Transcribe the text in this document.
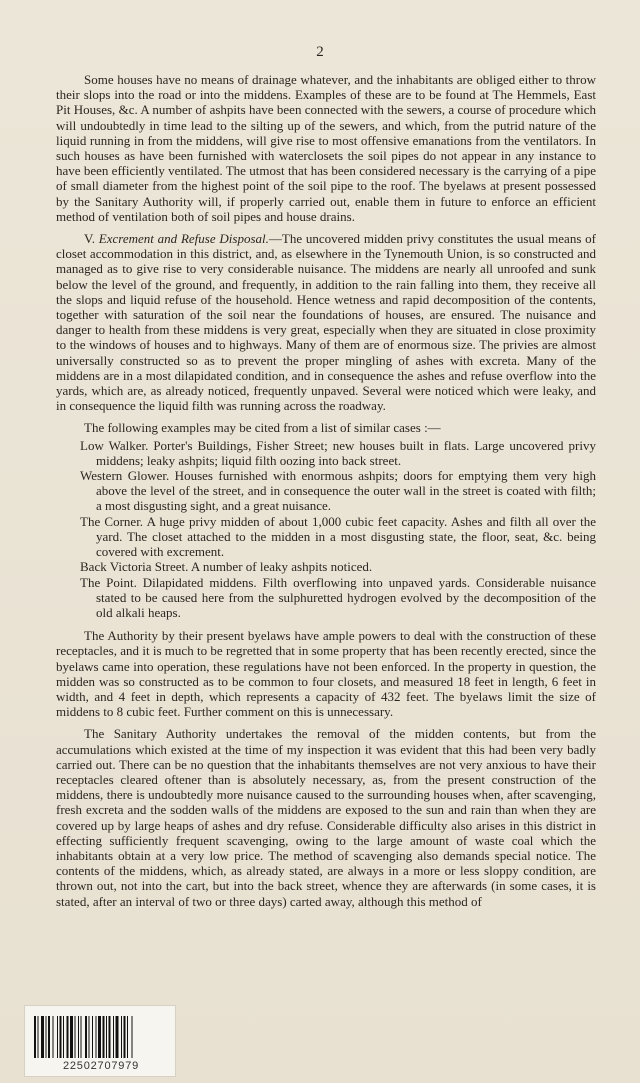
2

Some houses have no means of drainage whatever, and the inhabitants are obliged either to throw their slops into the road or into the middens. Examples of these are to be found at The Hemmels, East Pit Houses, &c. A number of ashpits have been connected with the sewers, a course of procedure which will undoubtedly in time lead to the silting up of the sewers, and which, from the putrid nature of the liquid running in from the middens, will give rise to most offensive emanations from the ventilators. In such houses as have been furnished with waterclosets the soil pipes do not appear in any instance to have been efficiently ventilated. The utmost that has been considered necessary is the carrying of a pipe of small diameter from the highest point of the soil pipe to the roof. The byelaws at present possessed by the Sanitary Authority will, if properly carried out, enable them in future to enforce an efficient method of ventilation both of soil pipes and house drains.

V. Excrement and Refuse Disposal.—The uncovered midden privy constitutes the usual means of closet accommodation in this district, and, as elsewhere in the Tynemouth Union, is so constructed and managed as to give rise to very considerable nuisance. The middens are nearly all unroofed and sunk below the level of the ground, and frequently, in addition to the rain falling into them, they receive all the slops and liquid refuse of the household. Hence wetness and rapid decomposition of the contents, together with saturation of the soil near the foundations of houses, are ensured. The nuisance and danger to health from these middens is very great, especially when they are situated in close proximity to the windows of houses and to highways. Many of them are of enormous size. The privies are almost universally constructed so as to prevent the proper mingling of ashes with excreta. Many of the middens are in a most dilapidated condition, and in consequence the ashes and refuse overflow into the yards, which are, as already noticed, frequently unpaved. Several were noticed which were leaky, and in consequence the liquid filth was running across the roadway.

The following examples may be cited from a list of similar cases :—

Low Walker. Porter's Buildings, Fisher Street; new houses built in flats. Large uncovered privy middens; leaky ashpits; liquid filth oozing into back street.
Western Glower. Houses furnished with enormous ashpits; doors for emptying them very high above the level of the street, and in consequence the outer wall in the street is coated with filth; a most disgusting sight, and a great nuisance.
The Corner. A huge privy midden of about 1,000 cubic feet capacity. Ashes and filth all over the yard. The closet attached to the midden in a most disgusting state, the floor, seat, &c. being covered with excrement.
Back Victoria Street. A number of leaky ashpits noticed.
The Point. Dilapidated middens. Filth overflowing into unpaved yards. Considerable nuisance stated to be caused here from the sulphuretted hydrogen evolved by the decomposition of the old alkali heaps.

The Authority by their present byelaws have ample powers to deal with the construction of these receptacles, and it is much to be regretted that in some property that has been recently erected, since the byelaws came into operation, these regulations have not been enforced. In the property in question, the midden was so constructed as to be common to four closets, and measured 18 feet in length, 6 feet in width, and 4 feet in depth, which represents a capacity of 432 feet. The byelaws limit the size of middens to 8 cubic feet. Further comment on this is unnecessary.

The Sanitary Authority undertakes the removal of the midden contents, but from the accumulations which existed at the time of my inspection it was evident that this had been very badly carried out. There can be no question that the inhabitants themselves are not very anxious to have their receptacles cleared oftener than is absolutely necessary, as, from the present construction of the middens, there is undoubtedly more nuisance caused to the surrounding houses when, after scavenging, fresh excreta and the sodden walls of the middens are exposed to the sun and rain than when they are covered up by large heaps of ashes and dry refuse. Considerable difficulty also arises in this district in effecting sufficiently frequent scavenging, owing to the large amount of waste coal which the inhabitants obtain at a very low price. The method of scavenging also demands special notice. The contents of the middens, which, as already stated, are always in a more or less sloppy condition, are thrown out, not into the cart, but into the back street, whence they are afterwards (in some cases, it is stated, after an interval of two or three days) carted away, although this method of

22502707979
